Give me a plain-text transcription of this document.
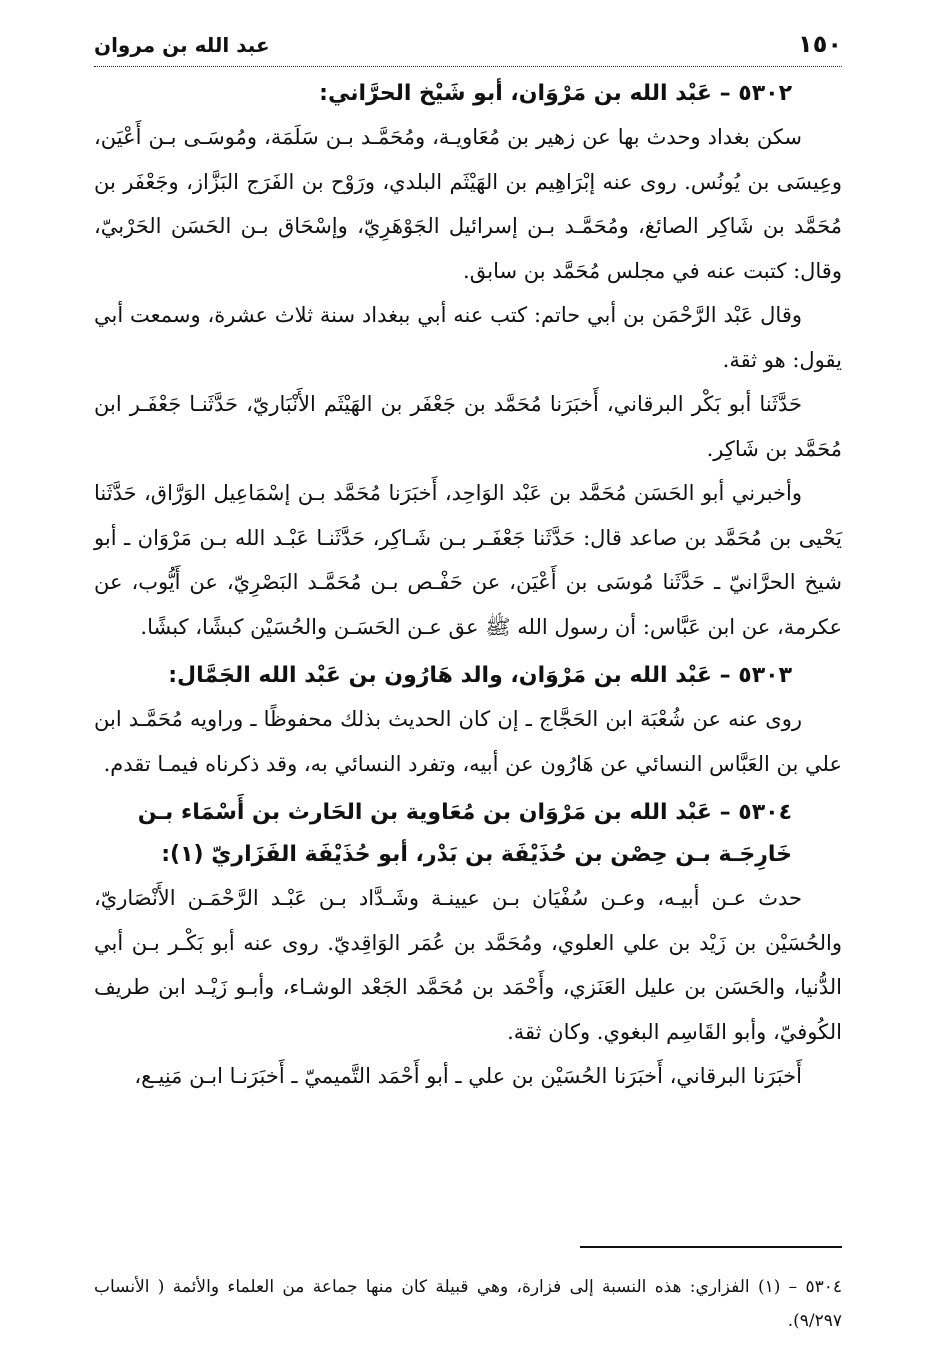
١٥٠
عبد الله بن مروان
٥٣٠٢ – عَبْد الله بن مَرْوَان، أبو شَيْخ الحرَّاني:

سكن بغداد وحدث بها عن زهير بن مُعَاويـة، ومُحَمَّـد بـن سَلَمَة، ومُوسَـى بـن أَعْيَن، وعِيسَى بن يُونُس. روى عنه إبْرَاهِيم بن الهَيْثَم البلدي، ورَوْح بن الفَرَج البَزَّاز، وجَعْفَر بن مُحَمَّد بن شَاكِر الصائغ، ومُحَمَّـد بـن إسرائيل الجَوْهَرِيّ، وإسْحَاق بـن الحَسَن الحَرْبيّ، وقال: كتبت عنه في مجلس مُحَمَّد بن سابق.

وقال عَبْد الرَّحْمَن بن أبي حاتم: كتب عنه أبي ببغداد سنة ثلاث عشرة، وسمعت أبي يقول: هو ثقة.

حَدَّثَنا أبو بَكْر البرقاني، أَخبَرَنا مُحَمَّد بن جَعْفَر بن الهَيْثَم الأَنْبَاريّ، حَدَّثَنـا جَعْفَـر ابن مُحَمَّد بن شَاكِر.

وأخبرني أبو الحَسَن مُحَمَّد بن عَبْد الوَاحِد، أَخبَرَنا مُحَمَّد بـن إسْمَاعِيل الوَرَّاق، حَدَّثَنا يَحْيى بن مُحَمَّد بن صاعد قال: حَدَّثَنا جَعْفَـر بـن شَـاكِر، حَدَّثَنـا عَبْـد الله بـن مَرْوَان ـ أبو شيخ الحرَّانيّ ـ حَدَّثَنا مُوسَى بن أَعْيَن، عن حَفْـص بـن مُحَمَّـد البَصْرِيّ، عن أَيُّوب، عن عكرمة، عن ابن عَبَّاس: أن رسول الله ﷺ عق عـن الحَسَـن والحُسَيْن كبشًا، كبشًا.

٥٣٠٣ – عَبْد الله بن مَرْوَان، والد هَارُون بن عَبْد الله الجَمَّال:

روى عنه عن شُعْبَة ابن الحَجَّاج ـ إن كان الحديث بذلك محفوظًا ـ وراويه مُحَمَّـد ابن علي بن العَبَّاس النسائي عن هَارُون عن أبيه، وتفرد النسائي به، وقد ذكرناه فيمـا تقدم.

٥٣٠٤ – عَبْد الله بن مَرْوَان بن مُعَاوية بن الحَارث بن أَسْمَاء بـن خَارِجَـة بـن حِصْن بن حُذَيْفَة بن بَدْر، أبو حُذَيْفَة الفَزَاريّ (١):

حدث عـن أبيـه، وعـن سُفْيَان بـن عيينـة وشَـدَّاد بـن عَبْـد الرَّحْمَـن الأَنْصَاريّ، والحُسَيْن بن زَيْد بن علي العلوي، ومُحَمَّد بن عُمَر الوَاقِديّ. روى عنه أبو بَكْـر بـن أبي الدُّنيا، والحَسَن بن عليل العَنَزي، وأَحْمَد بن مُحَمَّد الجَعْد الوشـاء، وأبـو زَيْـد ابن طريف الكُوفيّ، وأبو القَاسِم البغوي. وكان ثقة.

أَخبَرَنا البرقاني، أَخبَرَنا الحُسَيْن بن علي ـ أبو أَحْمَد التَّميميّ ـ أَخبَرَنـا ابـن مَنِيـع،

٥٣٠٤ – (١) الفزاري: هذه النسبة إلى فزارة، وهي قبيلة كان منها جماعة من العلماء والأئمة ( الأنساب ٩/٢٩٧).
